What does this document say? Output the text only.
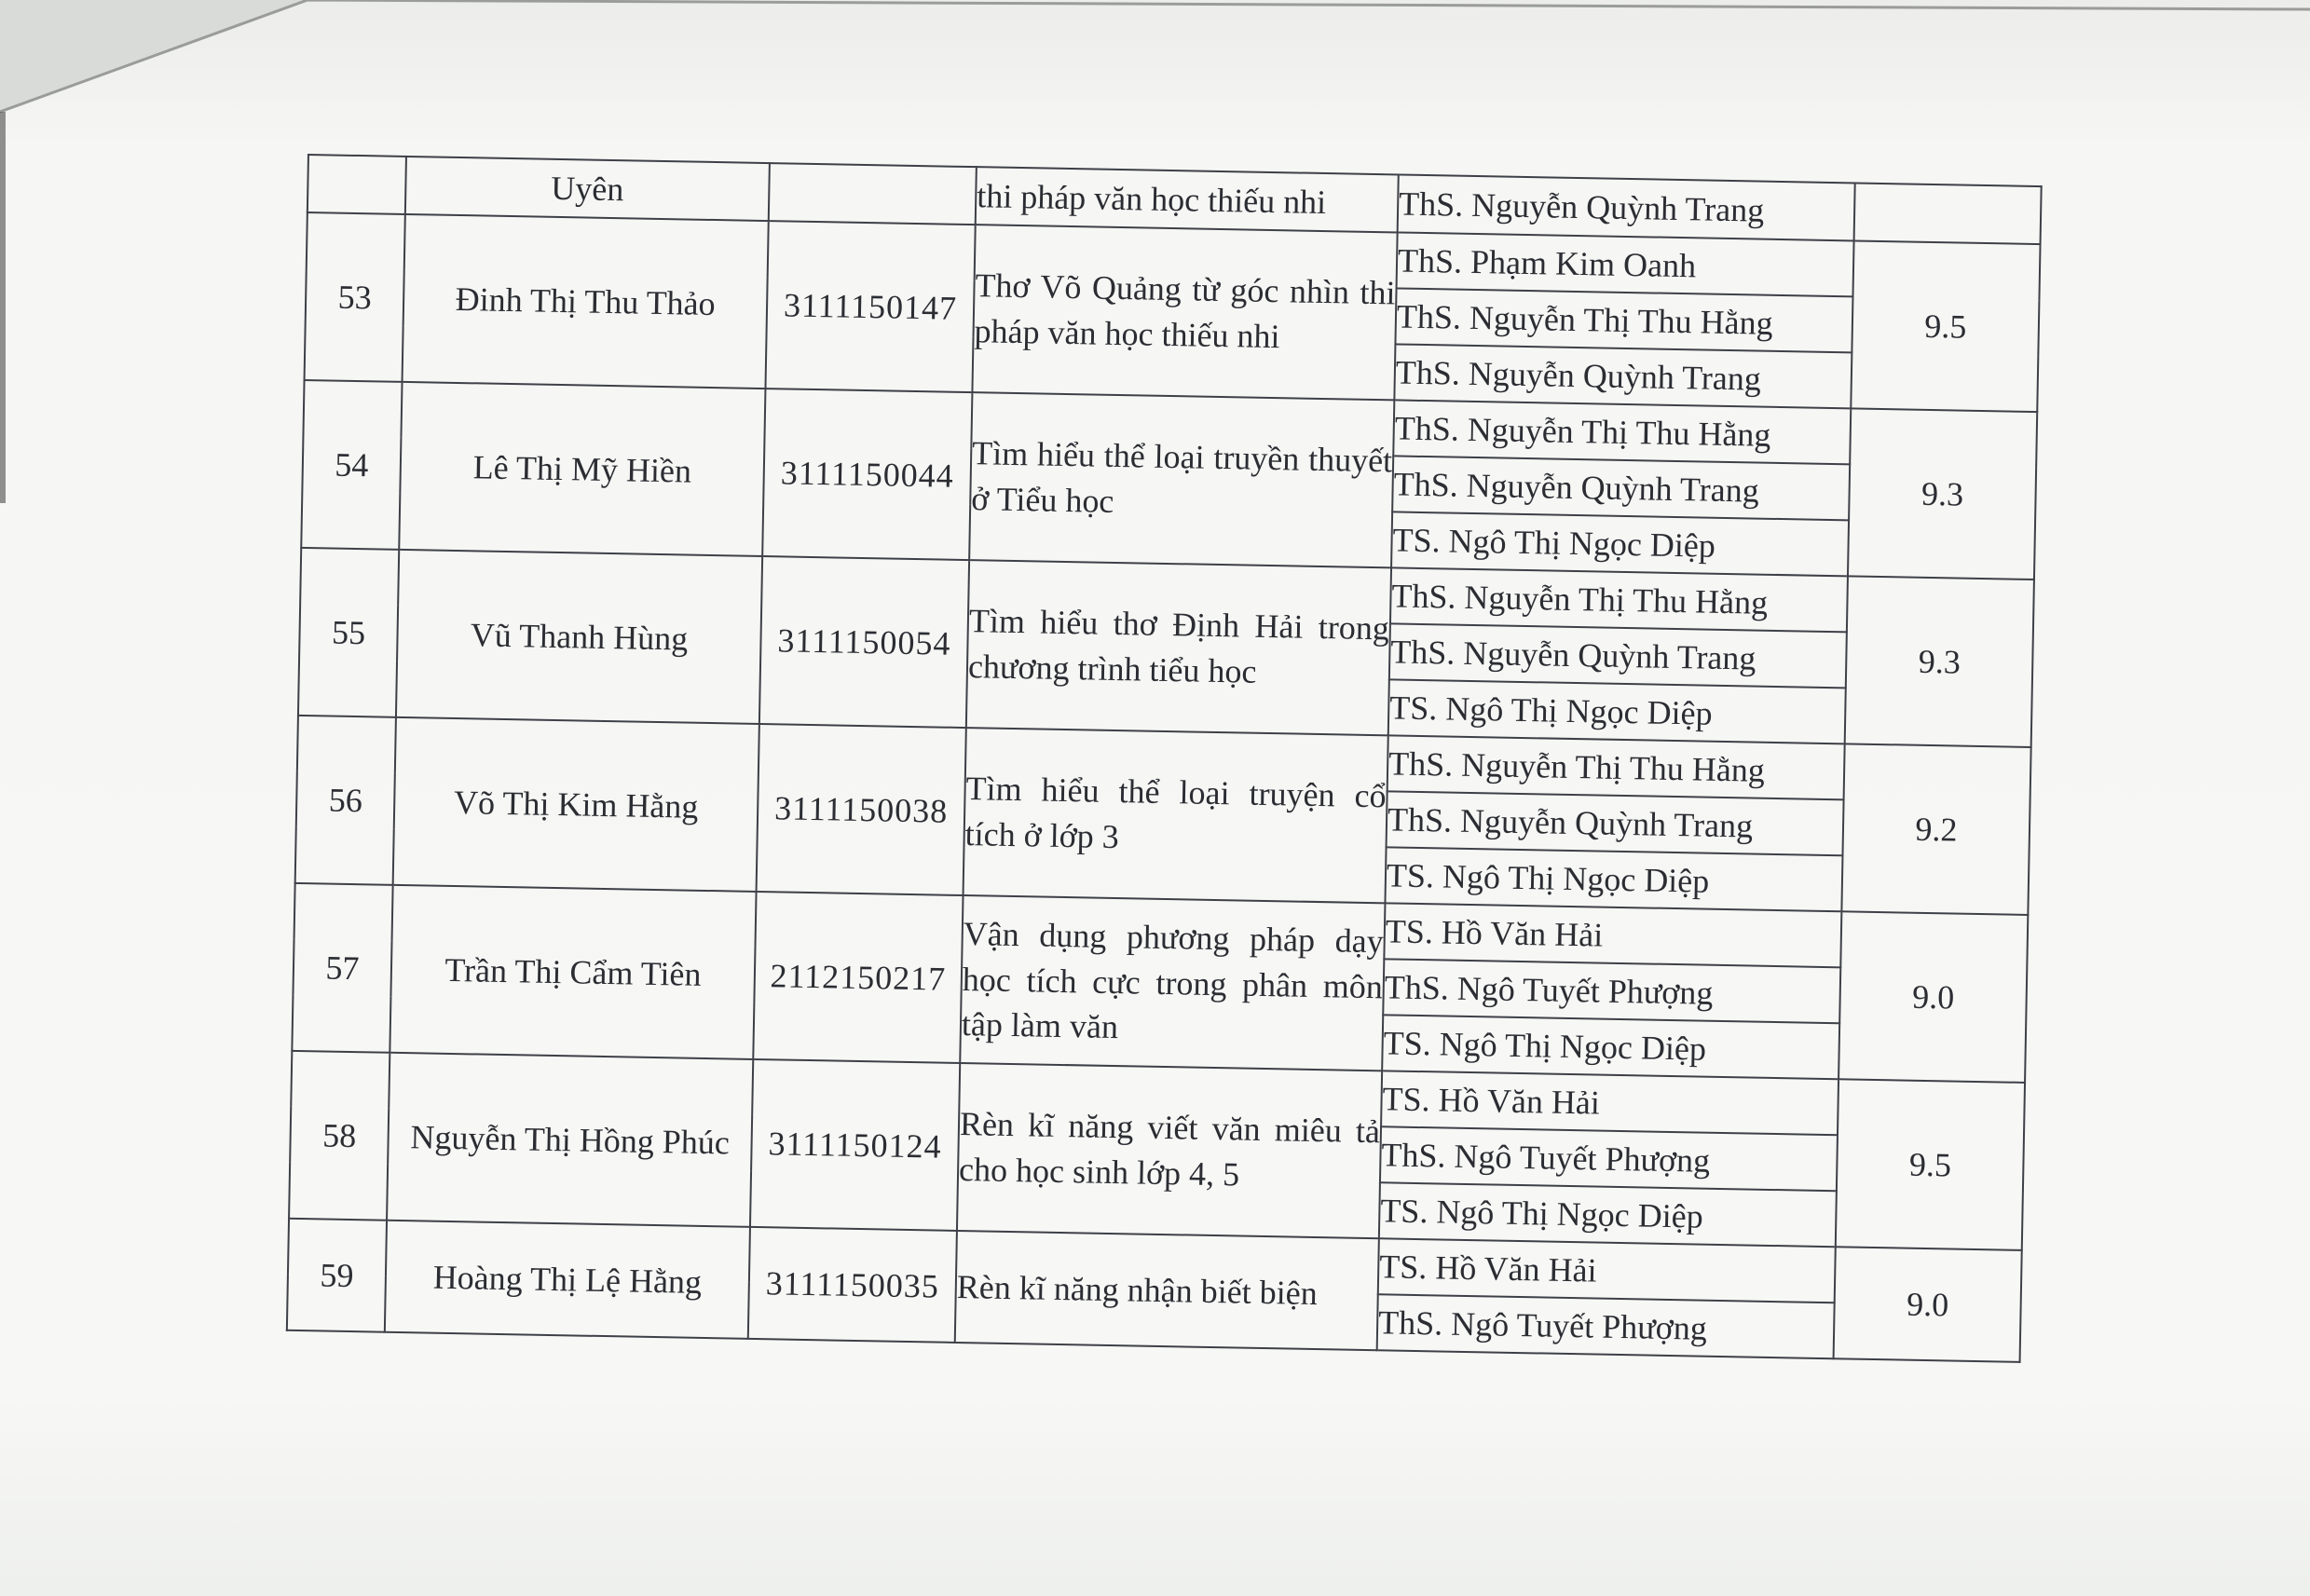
	Uyên		thi pháp văn học thiếu nhi	ThS. Nguyễn Quỳnh Trang	
53	Đinh Thị Thu Thảo	3111150147	Thơ Võ Quảng từ góc nhìn thi pháp văn học thiếu nhi	ThS. Phạm Kim Oanh	9.5
				ThS. Nguyễn Thị Thu Hằng	
				ThS. Nguyễn Quỳnh Trang	
54	Lê Thị Mỹ Hiền	3111150044	Tìm hiểu thể loại truyền thuyết ở Tiểu học	ThS. Nguyễn Thị Thu Hằng	9.3
				ThS. Nguyễn Quỳnh Trang	
				TS. Ngô Thị Ngọc Diệp	
55	Vũ Thanh Hùng	3111150054	Tìm hiểu thơ Định Hải trong chương trình tiểu học	ThS. Nguyễn Thị Thu Hằng	9.3
				ThS. Nguyễn Quỳnh Trang	
				TS. Ngô Thị Ngọc Diệp	
56	Võ Thị Kim Hằng	3111150038	Tìm hiểu thể loại truyện cổ tích ở lớp 3	ThS. Nguyễn Thị Thu Hằng	9.2
				ThS. Nguyễn Quỳnh Trang	
				TS. Ngô Thị Ngọc Diệp	
57	Trần Thị Cẩm Tiên	2112150217	Vận dụng phương pháp dạy học tích cực trong phân môn tập làm văn	TS. Hồ Văn Hải	9.0
				ThS. Ngô Tuyết Phượng	
				TS. Ngô Thị Ngọc Diệp	
58	Nguyễn Thị Hồng Phúc	3111150124	Rèn kĩ năng viết văn miêu tả cho học sinh lớp 4, 5	TS. Hồ Văn Hải	9.5
				ThS. Ngô Tuyết Phượng	
				TS. Ngô Thị Ngọc Diệp	
59	Hoàng Thị Lệ Hằng	3111150035	Rèn kĩ năng nhận biết biện	TS. Hồ Văn Hải	9.0
				ThS. Ngô Tuyết Phượng	
